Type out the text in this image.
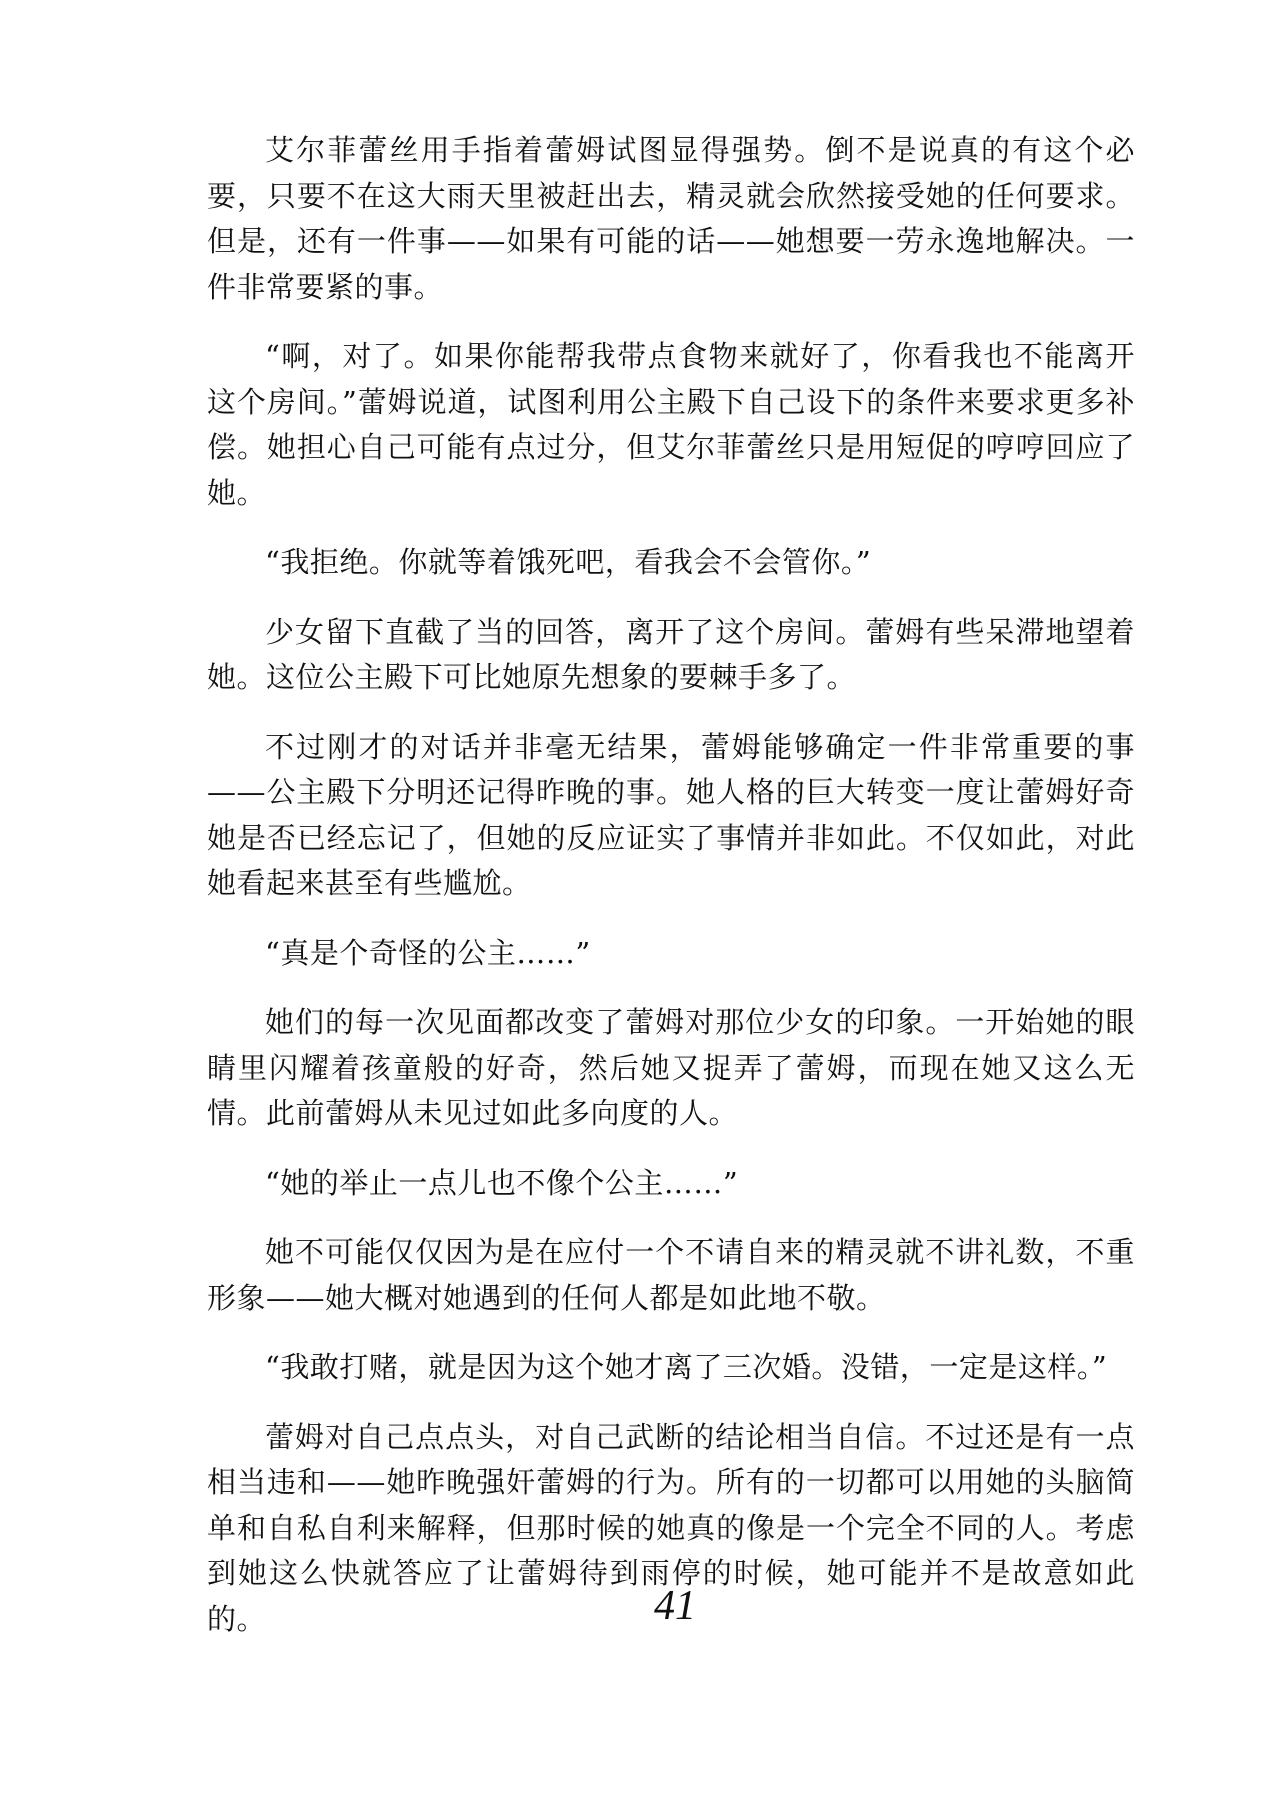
艾尔菲蕾丝用手指着蕾姆试图显得强势。倒不是说真的有这个必要，只要不在这大雨天里被赶出去，精灵就会欣然接受她的任何要求。但是，还有一件事——如果有可能的话——她想要一劳永逸地解决。一件非常要紧的事。

“啊，对了。如果你能帮我带点食物来就好了，你看我也不能离开这个房间。”蕾姆说道，试图利用公主殿下自己设下的条件来要求更多补偿。她担心自己可能有点过分，但艾尔菲蕾丝只是用短促的哼哼回应了她。

“我拒绝。你就等着饿死吧，看我会不会管你。”

少女留下直截了当的回答，离开了这个房间。蕾姆有些呆滞地望着她。这位公主殿下可比她原先想象的要棘手多了。

不过刚才的对话并非毫无结果，蕾姆能够确定一件非常重要的事——公主殿下分明还记得昨晚的事。她人格的巨大转变一度让蕾姆好奇她是否已经忘记了，但她的反应证实了事情并非如此。不仅如此，对此她看起来甚至有些尴尬。

“真是个奇怪的公主……”

她们的每一次见面都改变了蕾姆对那位少女的印象。一开始她的眼睛里闪耀着孩童般的好奇，然后她又捉弄了蕾姆，而现在她又这么无情。此前蕾姆从未见过如此多向度的人。

“她的举止一点儿也不像个公主……”

她不可能仅仅因为是在应付一个不请自来的精灵就不讲礼数，不重形象——她大概对她遇到的任何人都是如此地不敬。

“我敢打赌，就是因为这个她才离了三次婚。没错，一定是这样。”

蕾姆对自己点点头，对自己武断的结论相当自信。不过还是有一点相当违和——她昨晚强奸蕾姆的行为。所有的一切都可以用她的头脑简单和自私自利来解释，但那时候的她真的像是一个完全不同的人。考虑到她这么快就答应了让蕾姆待到雨停的时候，她可能并不是故意如此的。	41
